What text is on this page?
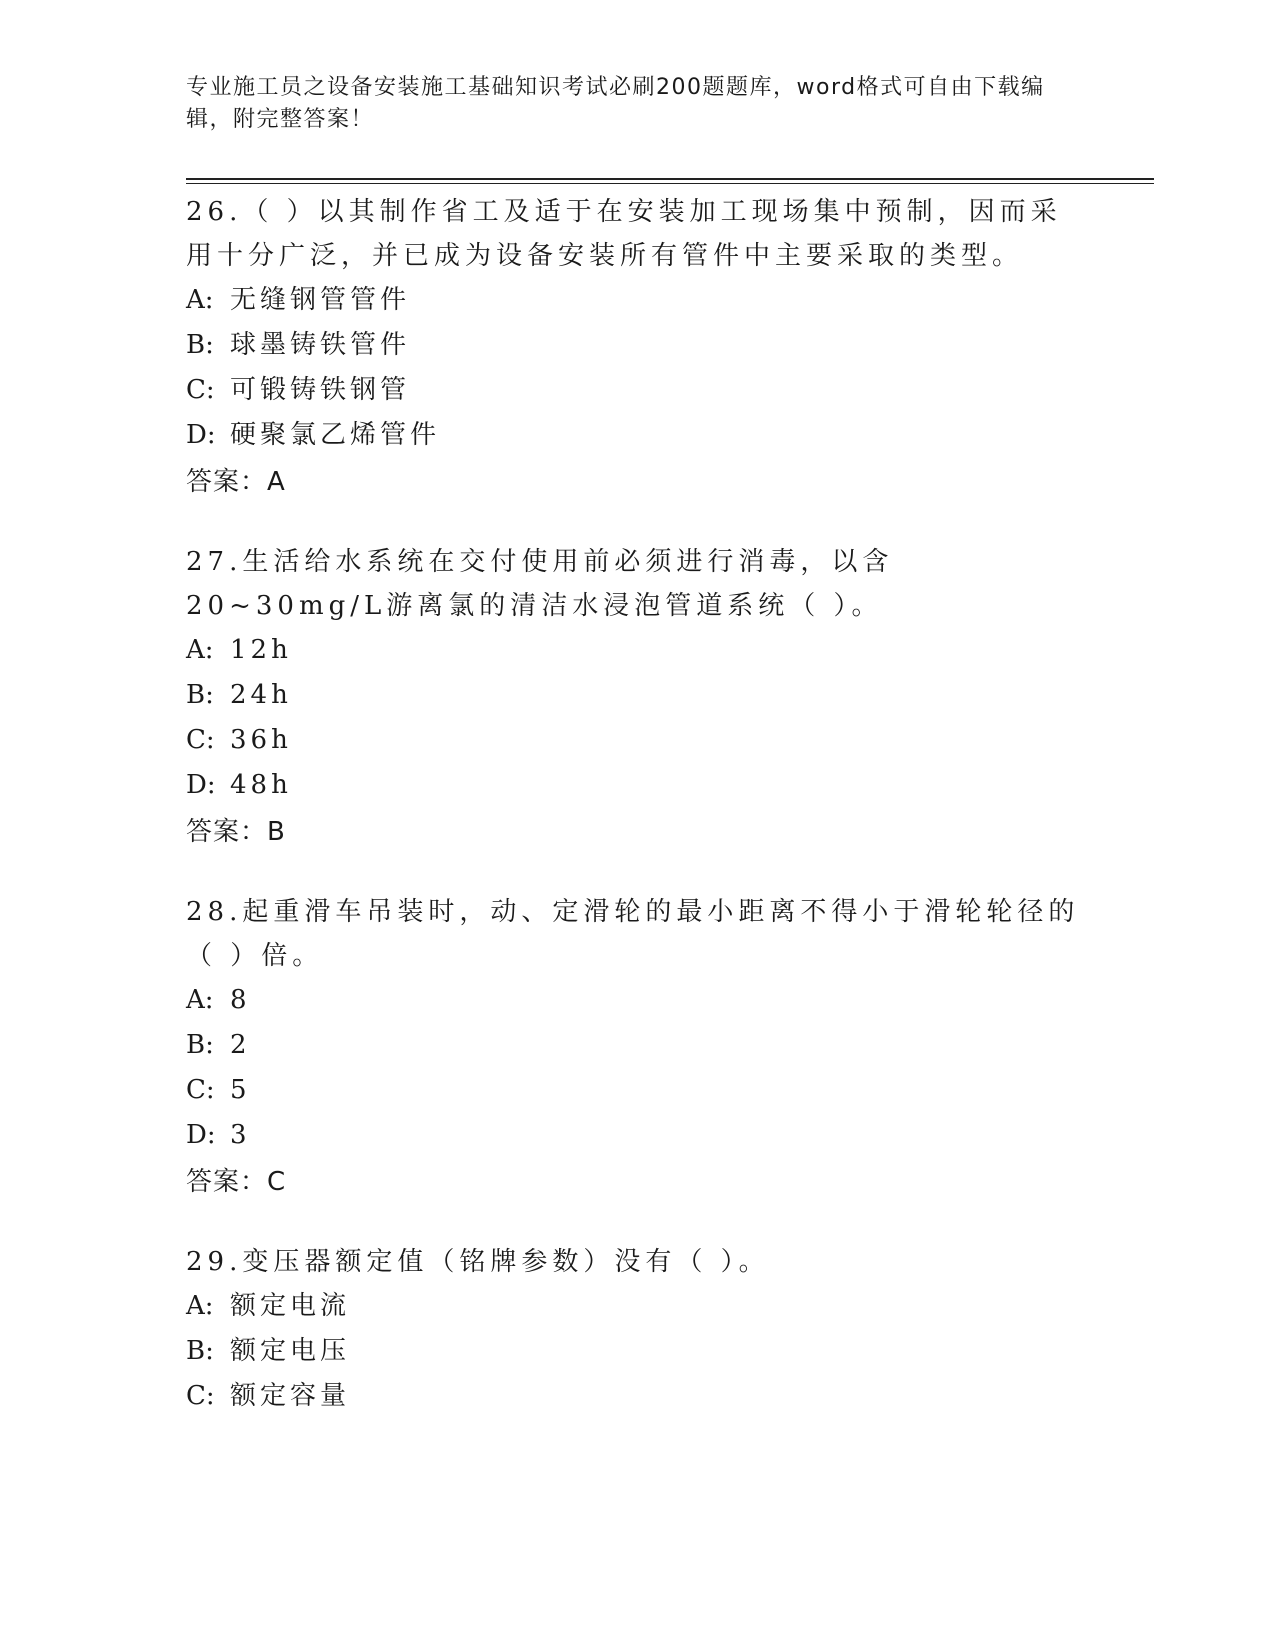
专业施工员之设备安装施工基础知识考试必刷200题题库，word格式可自由下载编辑，附完整答案！
26.（ ）以其制作省工及适于在安装加工现场集中预制，因而采用十分广泛，并已成为设备安装所有管件中主要采取的类型。
A: 无缝钢管管件
B: 球墨铸铁管件
C: 可锻铸铁钢管
D: 硬聚氯乙烯管件
答案：A
27.生活给水系统在交付使用前必须进行消毒，以含20~30mg/L游离氯的清洁水浸泡管道系统（ ）。
A: 12h
B: 24h
C: 36h
D: 48h
答案：B
28.起重滑车吊装时，动、定滑轮的最小距离不得小于滑轮轮径的（ ）倍。
A: 8
B: 2
C: 5
D: 3
答案：C
29.变压器额定值（铭牌参数）没有（ ）。
A: 额定电流
B: 额定电压
C: 额定容量
